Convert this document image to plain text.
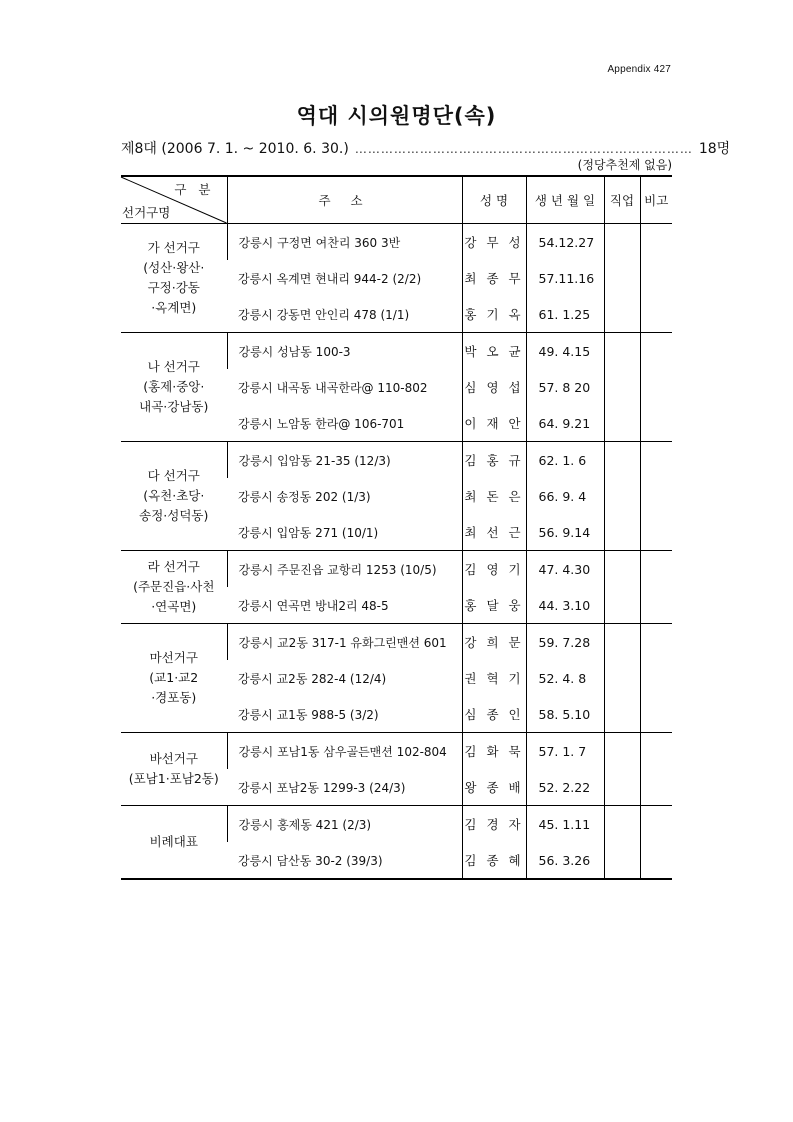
Appendix 427
역대 시의원명단(속)
제8대 (2006 7. 1. ~ 2010. 6. 30.) …………………………………………………………………… 18명
(정당추천제 없음)
구 분
선거구명	주 소	성 명	생 년 월 일	직업	비고

가 선거구
(성산·왕산·
구정·강동
·옥계면)	강릉시 구정면 여찬리 360 3반	강 무 성	54.12.27		
	강릉시 옥계면 현내리 944-2 (2/2)	최 종 무	57.11.16		
	강릉시 강동면 안인리 478 (1/1)	홍 기 옥	61. 1.25		

나 선거구
(홍제·중앙·
내곡·강남동)	강릉시 성남동 100-3	박 오 균	49. 4.15		
	강릉시 내곡동 내곡한라@ 110-802	심 영 섭	57. 8 20		
	강릉시 노암동 한라@ 106-701	이 재 안	64. 9.21		

다 선거구
(옥천·초당·
송정·성덕동)	강릉시 입암동 21-35 (12/3)	김 홍 규	62. 1. 6		
	강릉시 송정동 202 (1/3)	최 돈 은	66. 9. 4		
	강릉시 입암동 271 (10/1)	최 선 근	56. 9.14		

라 선거구
(주문진읍·사천
·연곡면)	강릉시 주문진읍 교항리 1253 (10/5)	김 영 기	47. 4.30		
	강릉시 연곡면 방내2리 48-5	홍 달 웅	44. 3.10		

마선거구
(교1·교2
·경포동)	강릉시 교2동 317-1 유화그린맨션 601	강 희 문	59. 7.28		
	강릉시 교2동 282-4 (12/4)	권 혁 기	52. 4. 8		
	강릉시 교1동 988-5 (3/2)	심 종 인	58. 5.10		

바선거구
(포남1·포남2동)	강릉시 포남1동 삼우골든맨션 102-804	김 화 묵	57. 1. 7		
	강릉시 포남2동 1299-3 (24/3)	왕 종 배	52. 2.22		

비례대표	강릉시 홍제동 421 (2/3)	김 경 자	45. 1.11		
	강릉시 담산동 30-2 (39/3)	김 종 혜	56. 3.26		
